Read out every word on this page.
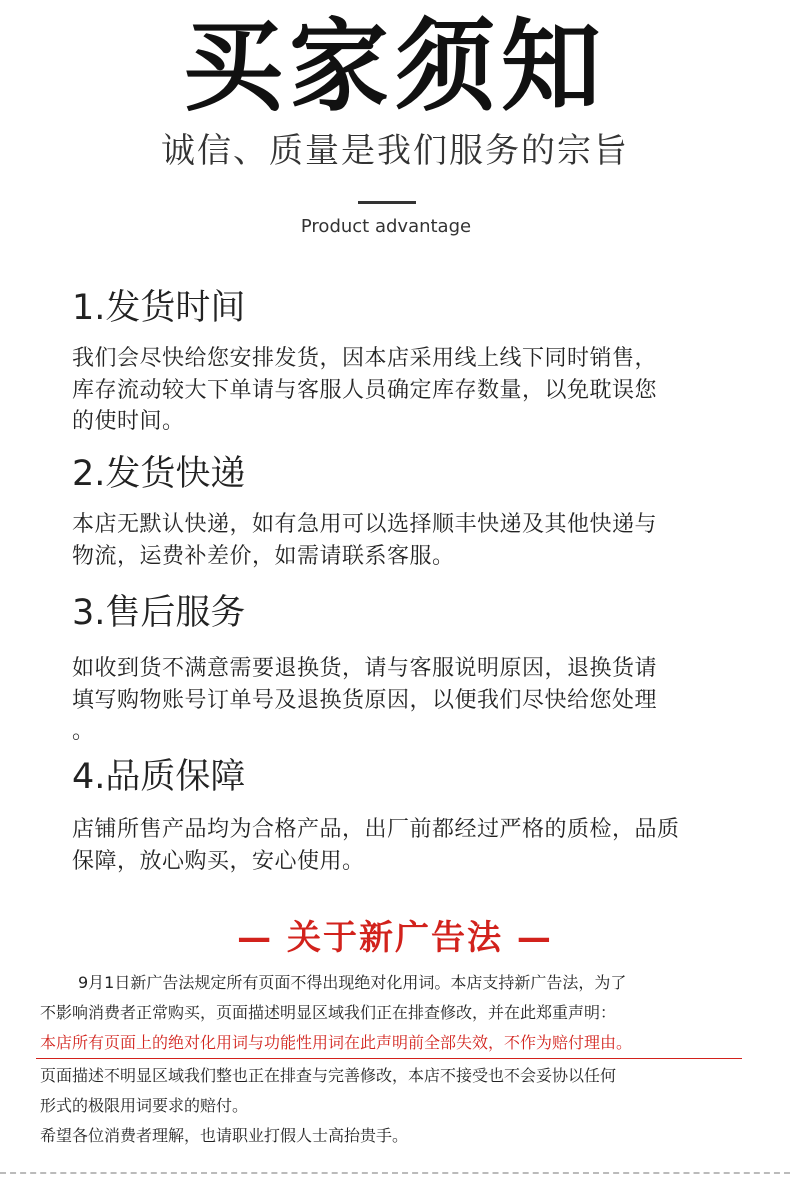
买家须知
诚信、质量是我们服务的宗旨
Product advantage
1.发货时间
我们会尽快给您安排发货，因本店采用线上线下同时销售，
库存流动较大下单请与客服人员确定库存数量，以免耽误您
的使时间。
2.发货快递
本店无默认快递，如有急用可以选择顺丰快递及其他快递与
物流，运费补差价，如需请联系客服。
3.售后服务
如收到货不满意需要退换货，请与客服说明原因，退换货请
填写购物账号订单号及退换货原因，以便我们尽快给您处理
。
4.品质保障
店铺所售产品均为合格产品，出厂前都经过严格的质检，品质
保障，放心购买，安心使用。
— 关于新广告法 —
9月1日新广告法规定所有页面不得出现绝对化用词。本店支持新广告法，为了
不影响消费者正常购买，页面描述明显区域我们正在排查修改，并在此郑重声明：
本店所有页面上的绝对化用词与功能性用词在此声明前全部失效，不作为赔付理由。
页面描述不明显区域我们整也正在排查与完善修改，本店不接受也不会妥协以任何
形式的极限用词要求的赔付。
希望各位消费者理解，也请职业打假人士高抬贵手。
